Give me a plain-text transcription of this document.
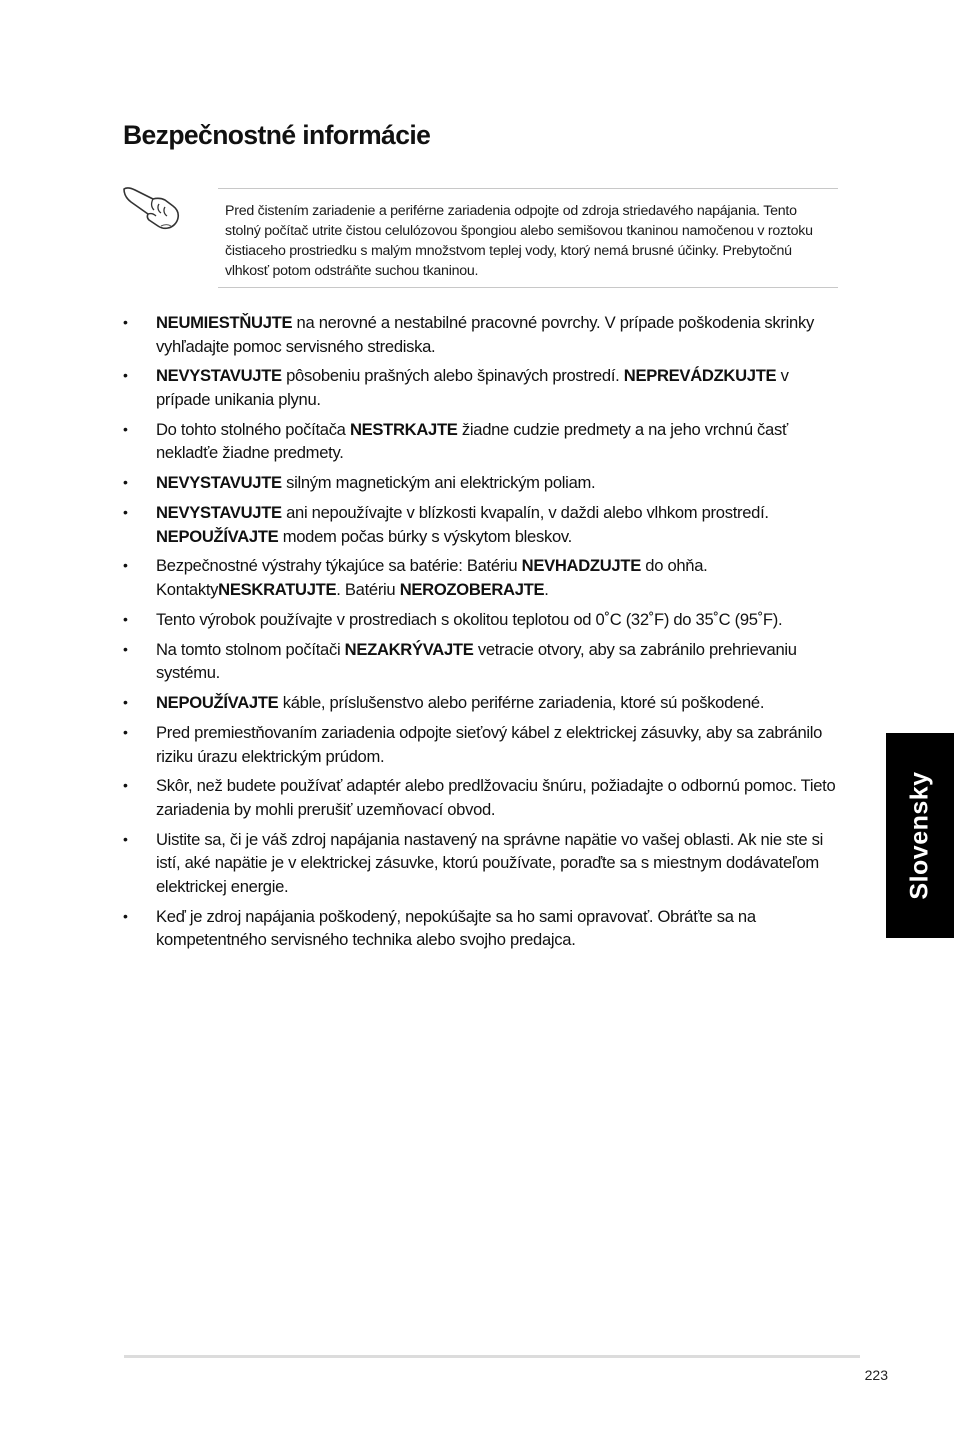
Bezpečnostné informácie
Pred čistením zariadenie a periférne zariadenia odpojte od zdroja striedavého napájania. Tento stolný počítač utrite čistou celulózovou špongiou alebo semišovou tkaninou namočenou v roztoku čistiaceho prostriedku s malým množstvom teplej vody, ktorý nemá brusné účinky. Prebytočnú vlhkosť potom odstráňte suchou tkaninou.
•	NEUMIESTŇUJTE na nerovné a nestabilné pracovné povrchy. V prípade poškodenia skrinky vyhľadajte pomoc servisného strediska.
•	NEVYSTAVUJTE pôsobeniu prašných alebo špinavých prostredí. NEPREVÁDZKUJTE v prípade unikania plynu.
•	Do tohto stolného počítača NESTRKAJTE žiadne cudzie predmety a na jeho vrchnú časť nekladťe žiadne predmety.
•	NEVYSTAVUJTE silným magnetickým ani elektrickým poliam.
•	NEVYSTAVUJTE ani nepoužívajte v blízkosti kvapalín, v daždi alebo vlhkom prostredí. NEPOUŽÍVAJTE modem počas búrky s výskytom bleskov.
•	Bezpečnostné výstrahy týkajúce sa batérie: Batériu NEVHADZUJTE do ohňa. KontaktyNESKRATUJTE. Batériu NEROZOBERAJTE.
•	Tento výrobok používajte v prostrediach s okolitou teplotou od 0˚C (32˚F) do 35˚C (95˚F).
•	Na tomto stolnom počítači NEZAKRÝVAJTE vetracie otvory, aby sa zabránilo prehrievaniu systému.
•	NEPOUŽÍVAJTE káble, príslušenstvo alebo periférne zariadenia, ktoré sú poškodené.
•	Pred premiestňovaním zariadenia odpojte sieťový kábel z elektrickej zásuvky, aby sa zabránilo riziku úrazu elektrickým prúdom.
•	Skôr, než budete používať adaptér alebo predlžovaciu šnúru, požiadajte o odbornú pomoc. Tieto zariadenia by mohli prerušiť uzemňovací obvod.
•	Uistite sa, či je váš zdroj napájania nastavený na správne napätie vo vašej oblasti. Ak nie ste si istí, aké napätie je v elektrickej zásuvke, ktorú používate, poraďte sa s miestnym dodávateľom elektrickej energie.
•	Keď je zdroj napájania poškodený, nepokúšajte sa ho sami opravovať. Obráťte sa na kompetentného servisného technika alebo svojho predajca.
Slovensky
223
